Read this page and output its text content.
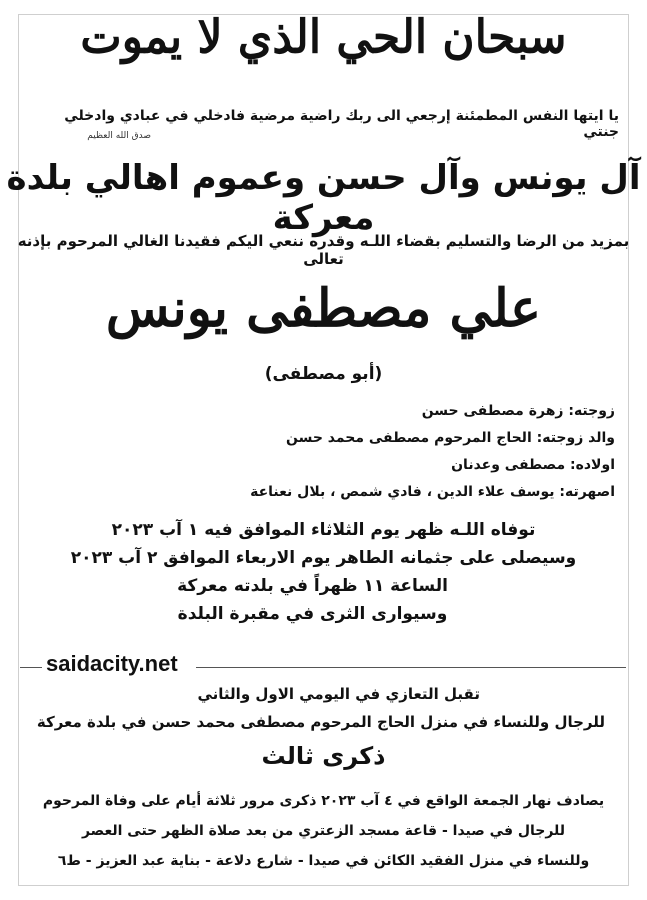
سبحان الحي الذي لا يموت
يا ايتها النفس المطمئنة إرجعي الى ربك راضية مرضية فادخلي في عبادي وادخلي جنتي
صدق الله العظيم
آل يونس وآل حسن وعموم اهالي بلدة معركة
بمزيد من الرضا والتسليم بقضاء اللـه وقدره ننعي اليكم فقيدنا الغالي المرحوم بإذنه تعالى
علي مصطفى يونس
(أبو مصطفى)
زوجته: زهرة مصطفى حسن
والد زوجته: الحاج المرحوم مصطفى محمد حسن
اولاده: مصطفى وعدنان
اصهرته: يوسف علاء الدين ، فادي شمص ، بلال نعناعة
توفاه اللـه ظهر يوم الثلاثاء الموافق فيه ١ آب ٢٠٢٣
وسيصلى على جثمانه الطاهر يوم الاربعاء الموافق ٢ آب ٢٠٢٣
الساعة ١١ ظهراً في بلدته معركة
وسيوارى الثرى في مقبرة البلدة
saidacity.net
تقبل التعازي في اليومي الاول والثاني
للرجال وللنساء في منزل الحاج المرحوم مصطفى محمد حسن في بلدة معركة
ذكرى ثالث
يصادف نهار الجمعة الواقع في ٤ آب ٢٠٢٣ ذكرى مرور ثلاثة أيام على وفاة المرحوم
للرجال في صيدا - قاعة مسجد الزعتري من بعد صلاة الظهر حتى العصر
وللنساء في منزل الفقيد الكائن في صيدا - شارع دلاعة - بناية عبد العزيز - ط٦
